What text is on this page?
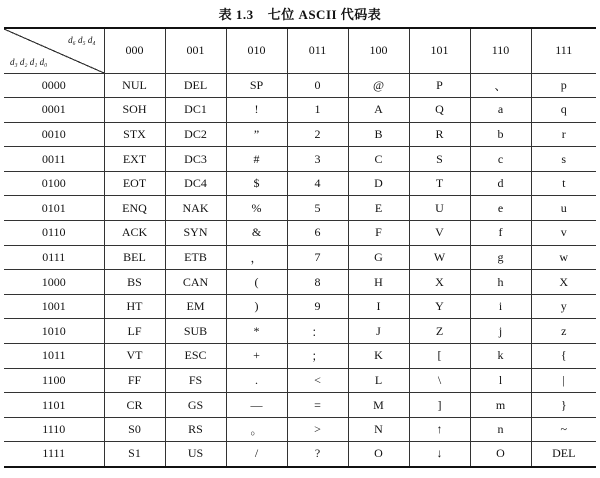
表 1.3 七位 ASCII 代码表
d₆ d₅ d₄
d₃ d₂ d₁ d₀	000	001	010	011	100	101	110	111
0000	NUL	DEL	SP	0	@	P	、	p
0001	SOH	DC1	!	1	A	Q	a	q
0010	STX	DC2	”	2	B	R	b	r
0011	EXT	DC3	#	3	C	S	c	s
0100	EOT	DC4	$	4	D	T	d	t
0101	ENQ	NAK	%	5	E	U	e	u
0110	ACK	SYN	&	6	F	V	f	v
0111	BEL	ETB	，	7	G	W	g	w
1000	BS	CAN	(	8	H	X	h	X
1001	HT	EM	)	9	I	Y	i	y
1010	LF	SUB	*	：	J	Z	j	z
1011	VT	ESC	+	；	K	[	k	{
1100	FF	FS	.	<	L	\	l	|
1101	CR	GS	—	=	M	]	m	}
1110	S0	RS	。	>	N	↑	n	~
1111	S1	US	/	?	O	↓	O	DEL
